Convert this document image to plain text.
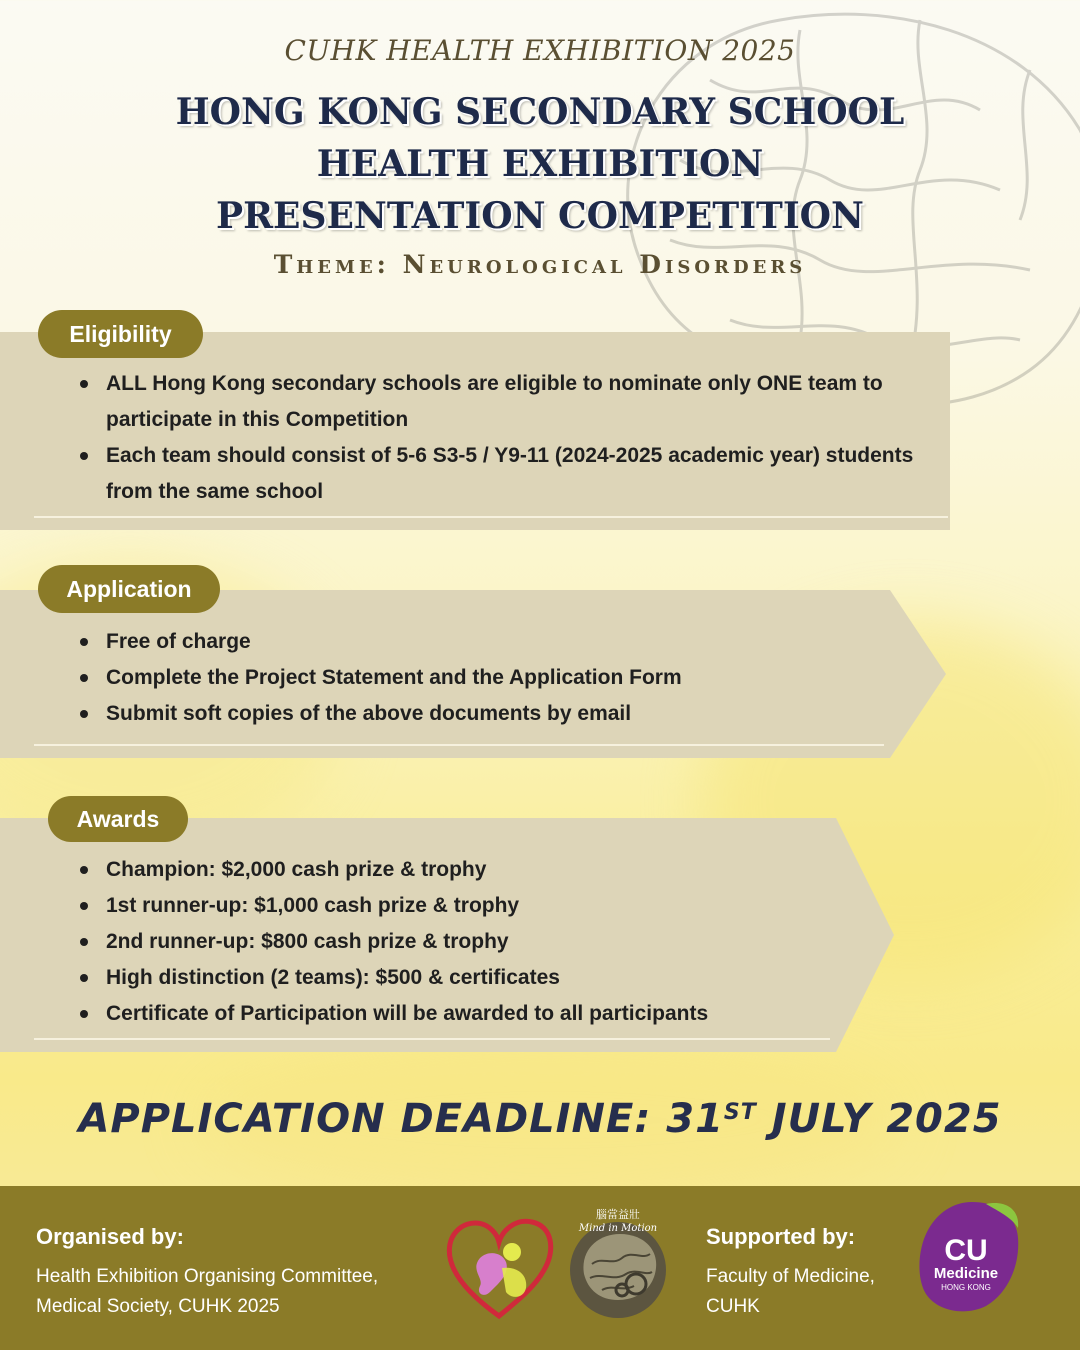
CUHK HEALTH EXHIBITION 2025
HONG KONG SECONDARY SCHOOL
HEALTH EXHIBITION
PRESENTATION COMPETITION
Theme: Neurological Disorders
Eligibility
ALL Hong Kong secondary schools are eligible to nominate only ONE team to participate in this Competition
Each team should consist of 5-6 S3-5 / Y9-11 (2024-2025 academic year) students from the same school
Application
Free of charge
Complete the Project Statement and the Application Form
Submit soft copies of the above documents by email
Awards
Champion: $2,000 cash prize & trophy
1st runner-up: $1,000 cash prize & trophy
2nd runner-up: $800 cash prize & trophy
High distinction (2 teams): $500 & certificates
Certificate of Participation will be awarded to all participants
APPLICATION DEADLINE: 31ST JULY 2025
Organised by:
Health Exhibition Organising Committee,
Medical Society, CUHK 2025
腦當益壯
Mind in Motion Supported by:
Faculty of Medicine,
CUHK
CU
Medicine
HONG KONG
